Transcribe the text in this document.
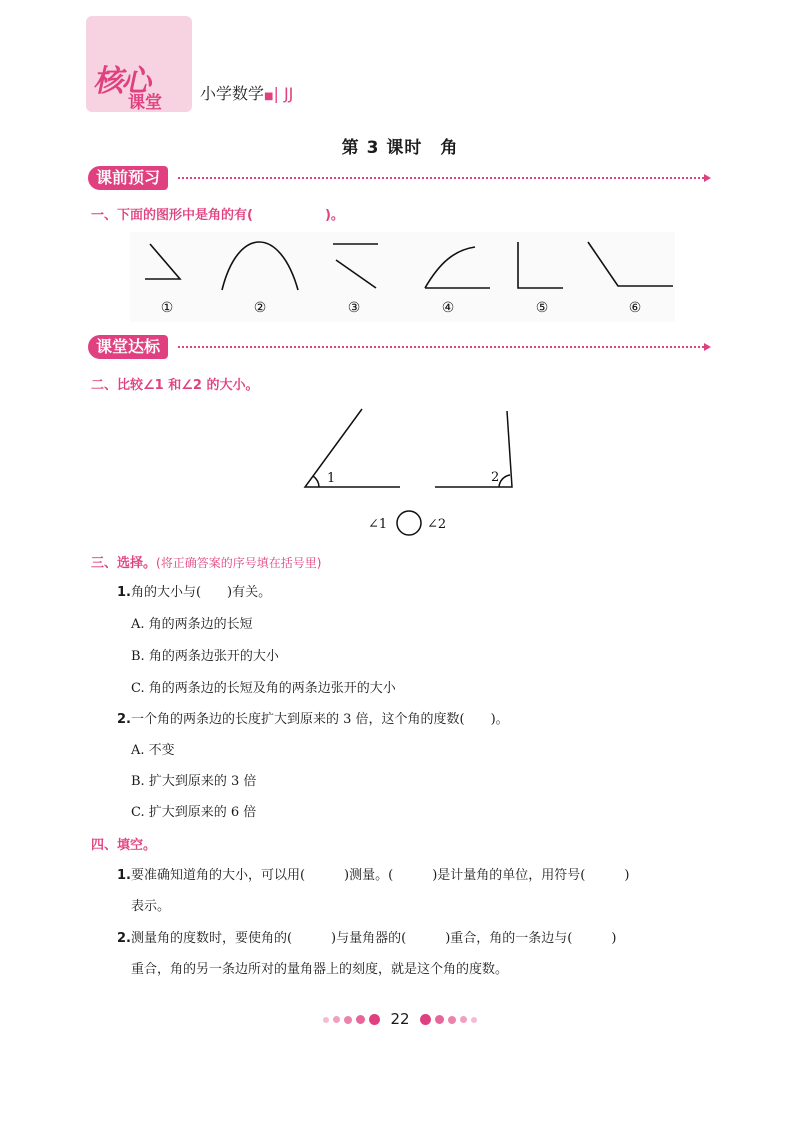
核心
课堂 小学数学■| JJ
第 3 课时　角
课前预习
一、下面的图形中是角的有(	)。
①	②	③	④	⑤	⑥
课堂达标
二、比较∠1 和∠2 的大小。
1	2
∠1	∠2
三、选择。(将正确答案的序号填在括号里)
1.角的大小与(　　)有关。
A. 角的两条边的长短
B. 角的两条边张开的大小
C. 角的两条边的长短及角的两条边张开的大小
2.一个角的两条边的长度扩大到原来的 3 倍，这个角的度数(　　)。
A. 不变
B. 扩大到原来的 3 倍
C. 扩大到原来的 6 倍
四、填空。
1.要准确知道角的大小，可以用(　　　)测量。(　　　)是计量角的单位，用符号(　　　)
表示。
2.测量角的度数时，要使角的(　　　)与量角器的(　　　)重合，角的一条边与(　　　)
重合，角的另一条边所对的量角器上的刻度，就是这个角的度数。
22
